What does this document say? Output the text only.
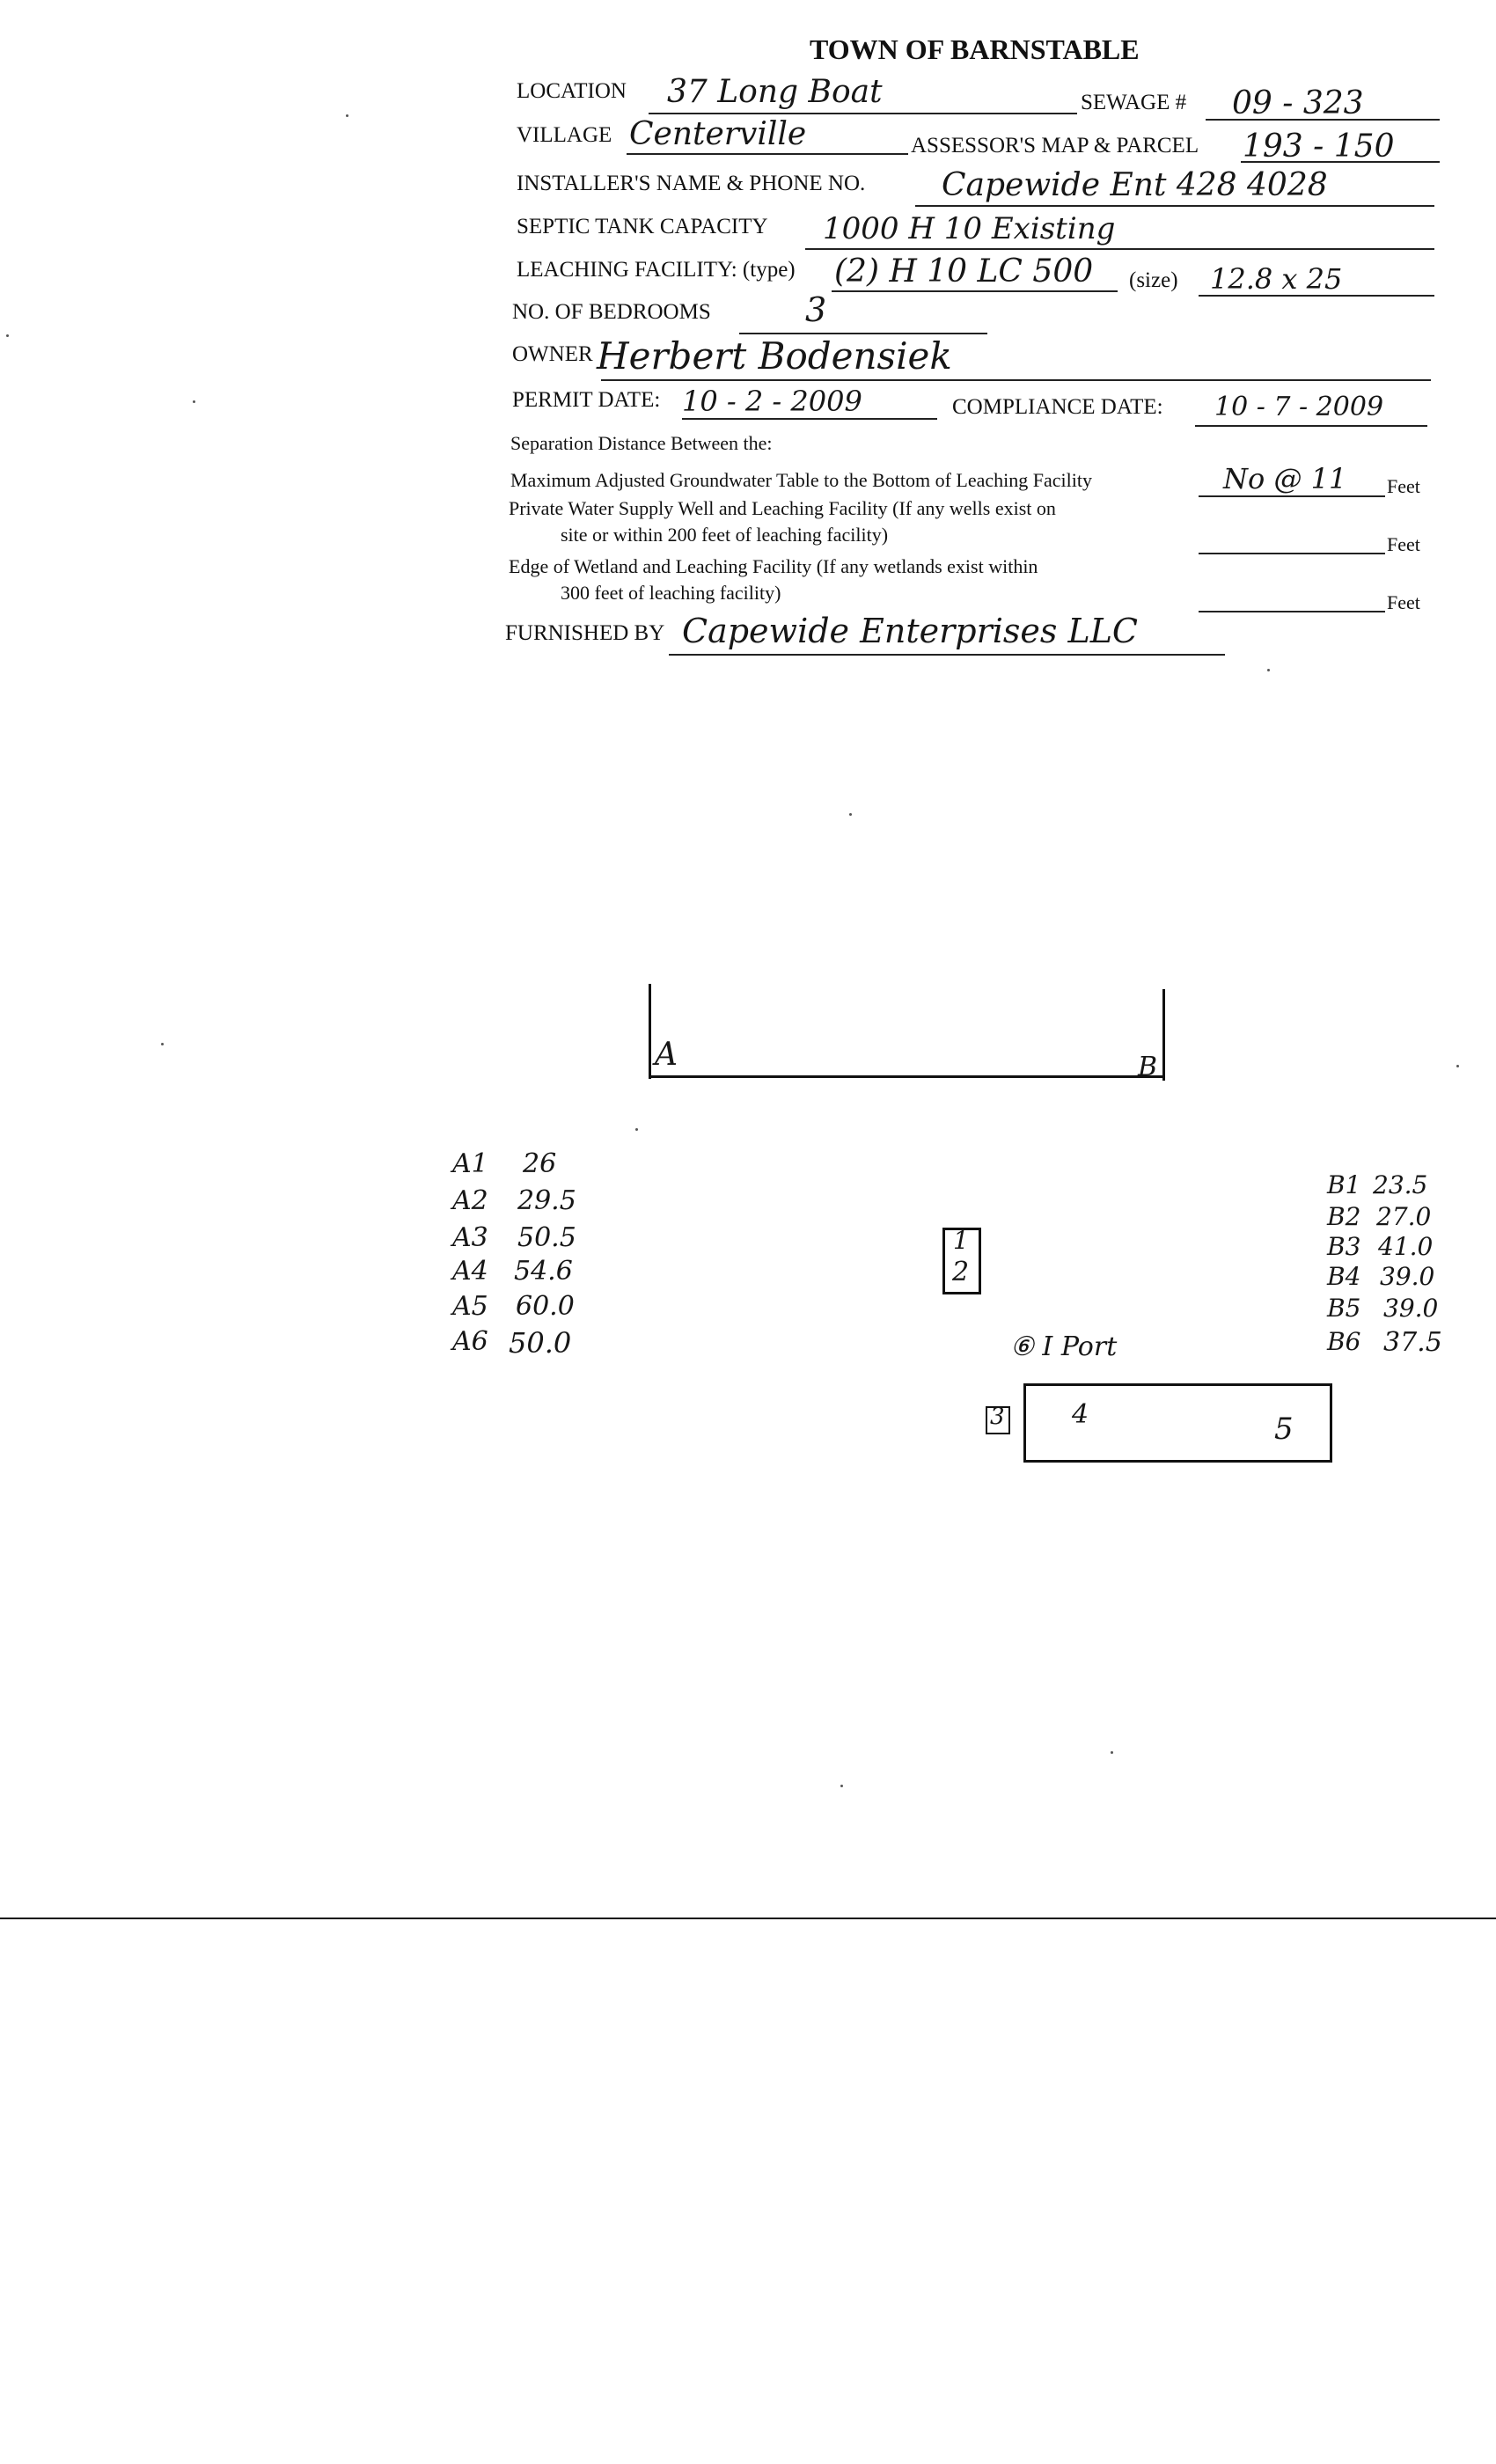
TOWN OF BARNSTABLE
LOCATION 37 Long Boat	SEWAGE # 09 - 323
VILLAGE Centerville	ASSESSOR'S MAP & PARCEL 193 - 150
INSTALLER'S NAME & PHONE NO. Capewide Ent 428 4028
SEPTIC TANK CAPACITY 1000 H 10 Existing
LEACHING FACILITY: (type) (2) H 10 LC 500 (size) 12.8 x 25
NO. OF BEDROOMS	3
OWNER Herbert Bodensiek
PERMIT DATE: 10 - 2 - 2009	COMPLIANCE DATE: 10 - 7 - 2009
Separation Distance Between the:
Maximum Adjusted Groundwater Table to the Bottom of Leaching Facility	No @ 11 Feet
Private Water Supply Well and Leaching Facility (If any wells exist on
site or within 200 feet of leaching facility)	Feet
Edge of Wetland and Leaching Facility (If any wetlands exist within
300 feet of leaching facility)	Feet
FURNISHED BY Capewide Enterprises LLC
A	B
1
2
⑥ I Port
3	4	5
A1 26
A2 29.5
A3 50.5
A4 54.6
A5 60.0
A6 50.0
B1 23.5
B2 27.0
B3 41.0
B4 39.0
B5 39.0
B6 37.5
